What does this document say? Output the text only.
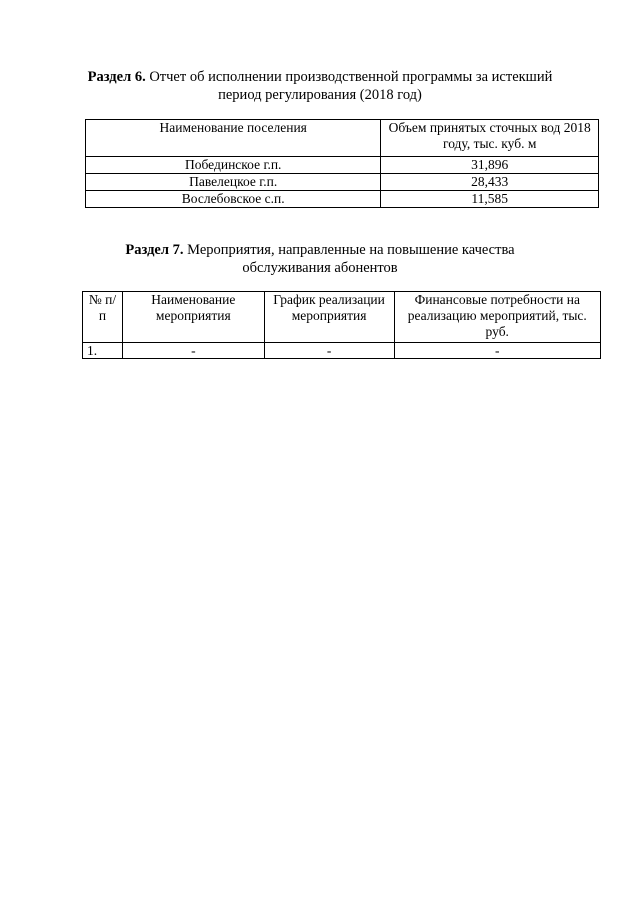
Раздел 6. Отчет об исполнении производственной программы за истекший
период регулирования (2018 год)
Наименование поселения	Объем принятых сточных вод 2018 году, тыс. куб. м
Побединское г.п.	31,896
Павелецкое г.п.	28,433
Вослебовское с.п.	11,585
Раздел 7. Мероприятия, направленные на повышение качества
обслуживания абонентов
№ п/п	Наименование мероприятия	График реализации мероприятия	Финансовые потребности на реализацию мероприятий, тыс. руб.
1.	-	-	-
